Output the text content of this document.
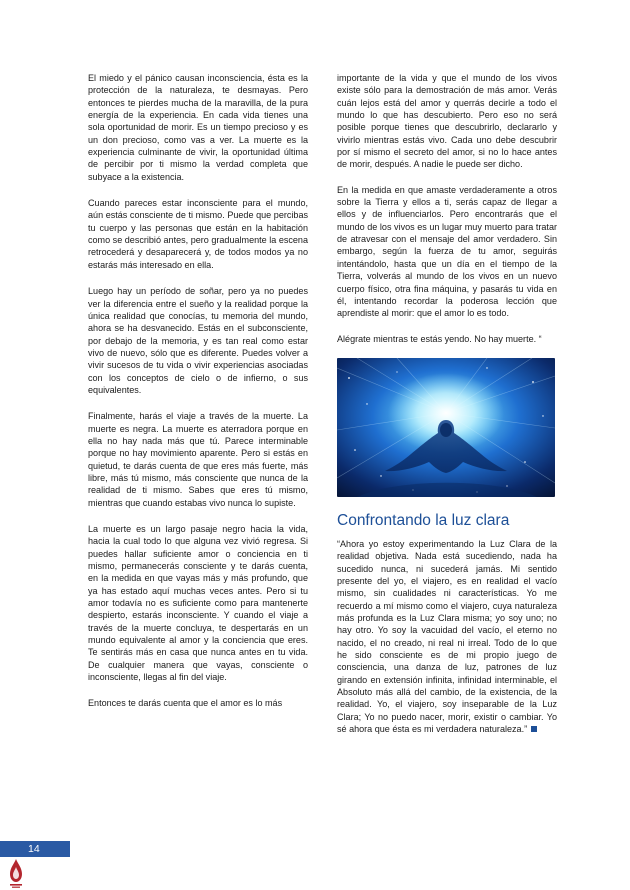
El miedo y el pánico causan inconsciencia, ésta es la protección de la naturaleza, te desmayas. Pero entonces te pierdes mucha de la maravilla, de la pura energía de la experiencia. En cada vida tienes una sola oportunidad de morir. Es un tiempo precioso y es un don precioso, como vas a ver. La muerte es la experiencia culminante de vivir, la oportunidad última de percibir por ti mismo la verdad completa que subyace a la existencia.

Cuando pareces estar inconsciente para el mundo, aún estás consciente de ti mismo. Puede que percibas tu cuerpo y las personas que están en la habitación como se describió antes, pero gradualmente la escena retrocederá y desaparecerá y, de todos modos ya no estarás más interesado en ella.

Luego hay un período de soñar, pero ya no puedes ver la diferencia entre el sueño y la realidad porque la única realidad que conocías, tu memoria del mundo, ahora se ha desvanecido. Estás en el subconsciente, por debajo de la memoria, y es tan real como estar vivo de nuevo, sólo que es diferente. Puedes volver a vivir sucesos de tu vida o vivir experiencias asociadas con los conceptos de cielo o de infierno, o sus equivalentes.

Finalmente, harás el viaje a través de la muerte. La muerte es negra. La muerte es aterradora porque en ella no hay nada más que tú. Parece interminable porque no hay movimiento aparente. Pero si estás en quietud, te darás cuenta de que eres más fuerte, más libre, más tú mismo, más consciente que nunca de la realidad de ti mismo. Sabes que eres tú mismo, mientras que cuando estabas vivo nunca lo supiste.

La muerte es un largo pasaje negro hacia la vida, hacia la cual todo lo que alguna vez vivió regresa. Si puedes hallar suficiente amor o conciencia en ti mismo, permanecerás consciente y te darás cuenta, en la medida en que vayas más y más profundo, que ya has estado aquí muchas veces antes. Pero si tu amor todavía no es suficiente como para mantenerte despierto, estarás inconsciente. Y cuando el viaje a través de la muerte concluya, te despertarás en un mundo equivalente al amor y la conciencia que eres. Te sentirás más en casa que nunca antes en tu vida. De cualquier manera que vayas, consciente o inconsciente, llegas al fin del viaje.

Entonces te darás cuenta que el amor es lo más

importante de la vida y que el mundo de los vivos existe sólo para la demostración de más amor. Verás cuán lejos está del amor y querrás decirle a todo el mundo lo que has descubierto. Pero eso no será posible porque tienes que descubrirlo, declararlo y vivirlo mientras estás vivo. Cada uno debe descubrir por sí mismo el secreto del amor, si no lo hace antes de morir, después. A nadie le puede ser dicho.

En la medida en que amaste verdaderamente a otros sobre la Tierra y ellos a ti, serás capaz de llegar a ellos y de influenciarlos. Pero encontrarás que el mundo de los vivos es un lugar muy muerto para tratar de atravesar con el mensaje del amor verdadero. Sin embargo, según la fuerza de tu amor, seguirás intentándolo, hasta que un día en el tiempo de la Tierra, volverás al mundo de los vivos en un nuevo cuerpo físico, otra fina máquina, y pasarás tu vida en él, intentando recordar la poderosa lección que aprendiste al morir: que el amor lo es todo.

Alégrate mientras te estás yendo. No hay muerte. “

Confrontando la luz clara

“Ahora yo estoy experimentando la Luz Clara de la realidad objetiva. Nada está sucediendo, nada ha sucedido nunca, ni sucederá jamás. Mi sentido presente del yo, el viajero, es en realidad el vacío mismo, sin cualidades ni características. Yo me recuerdo a mí mismo como el viajero, cuya naturaleza más profunda es la Luz Clara misma; yo soy uno; no hay otro. Yo soy la vacuidad del vacío, el eterno no nacido, el no creado, ni real ni irreal. Todo de lo que he sido consciente es de mi propio juego de consciencia, una danza de luz, patrones de luz girando en extensión infinita, infinidad interminable, el Absoluto más allá del cambio, de la existencia, de la realidad. Yo, el viajero, soy inseparable de la Luz Clara; Yo no puedo nacer, morir, existir o cambiar. Yo sé ahora que ésta es mi verdadera naturaleza.”

14
